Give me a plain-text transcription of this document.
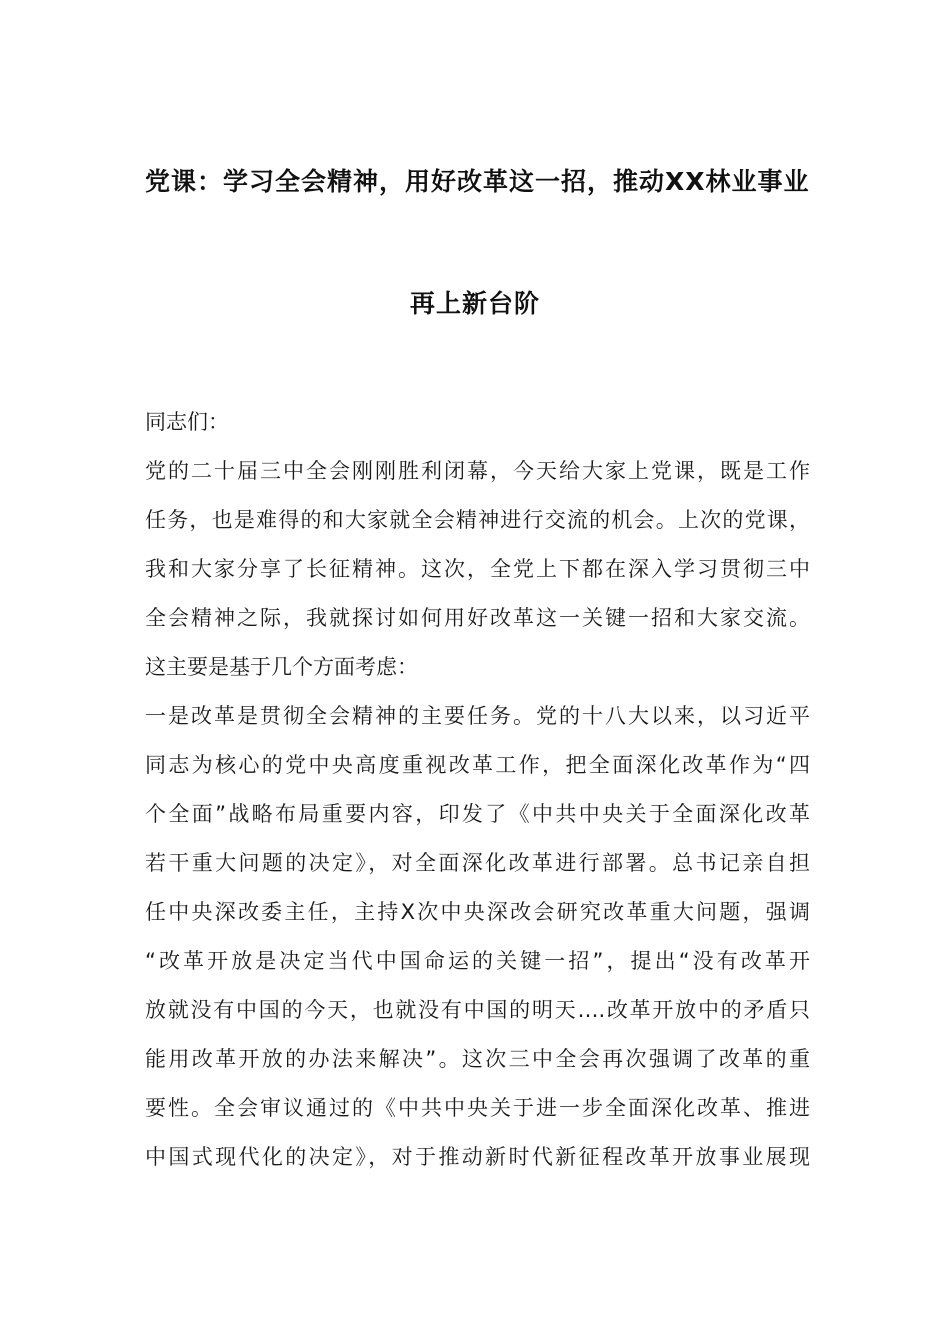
党课：学习全会精神，用好改革这一招，推动XX林业事业
再上新台阶
同志们：
党的二十届三中全会刚刚胜利闭幕，今天给大家上党课，既是工作
任务，也是难得的和大家就全会精神进行交流的机会。上次的党课，
我和大家分享了长征精神。这次，全党上下都在深入学习贯彻三中
全会精神之际，我就探讨如何用好改革这一关键一招和大家交流。
这主要是基于几个方面考虑：
一是改革是贯彻全会精神的主要任务。党的十八大以来，以习近平
同志为核心的党中央高度重视改革工作，把全面深化改革作为“四
个全面”战略布局重要内容，印发了《中共中央关于全面深化改革
若干重大问题的决定》，对全面深化改革进行部署。总书记亲自担
任中央深改委主任，主持X次中央深改会研究改革重大问题，强调
“改革开放是决定当代中国命运的关键一招”，提出“没有改革开
放就没有中国的今天，也就没有中国的明天….改革开放中的矛盾只
能用改革开放的办法来解决”。这次三中全会再次强调了改革的重
要性。全会审议通过的《中共中央关于进一步全面深化改革、推进
中国式现代化的决定》，对于推动新时代新征程改革开放事业展现
